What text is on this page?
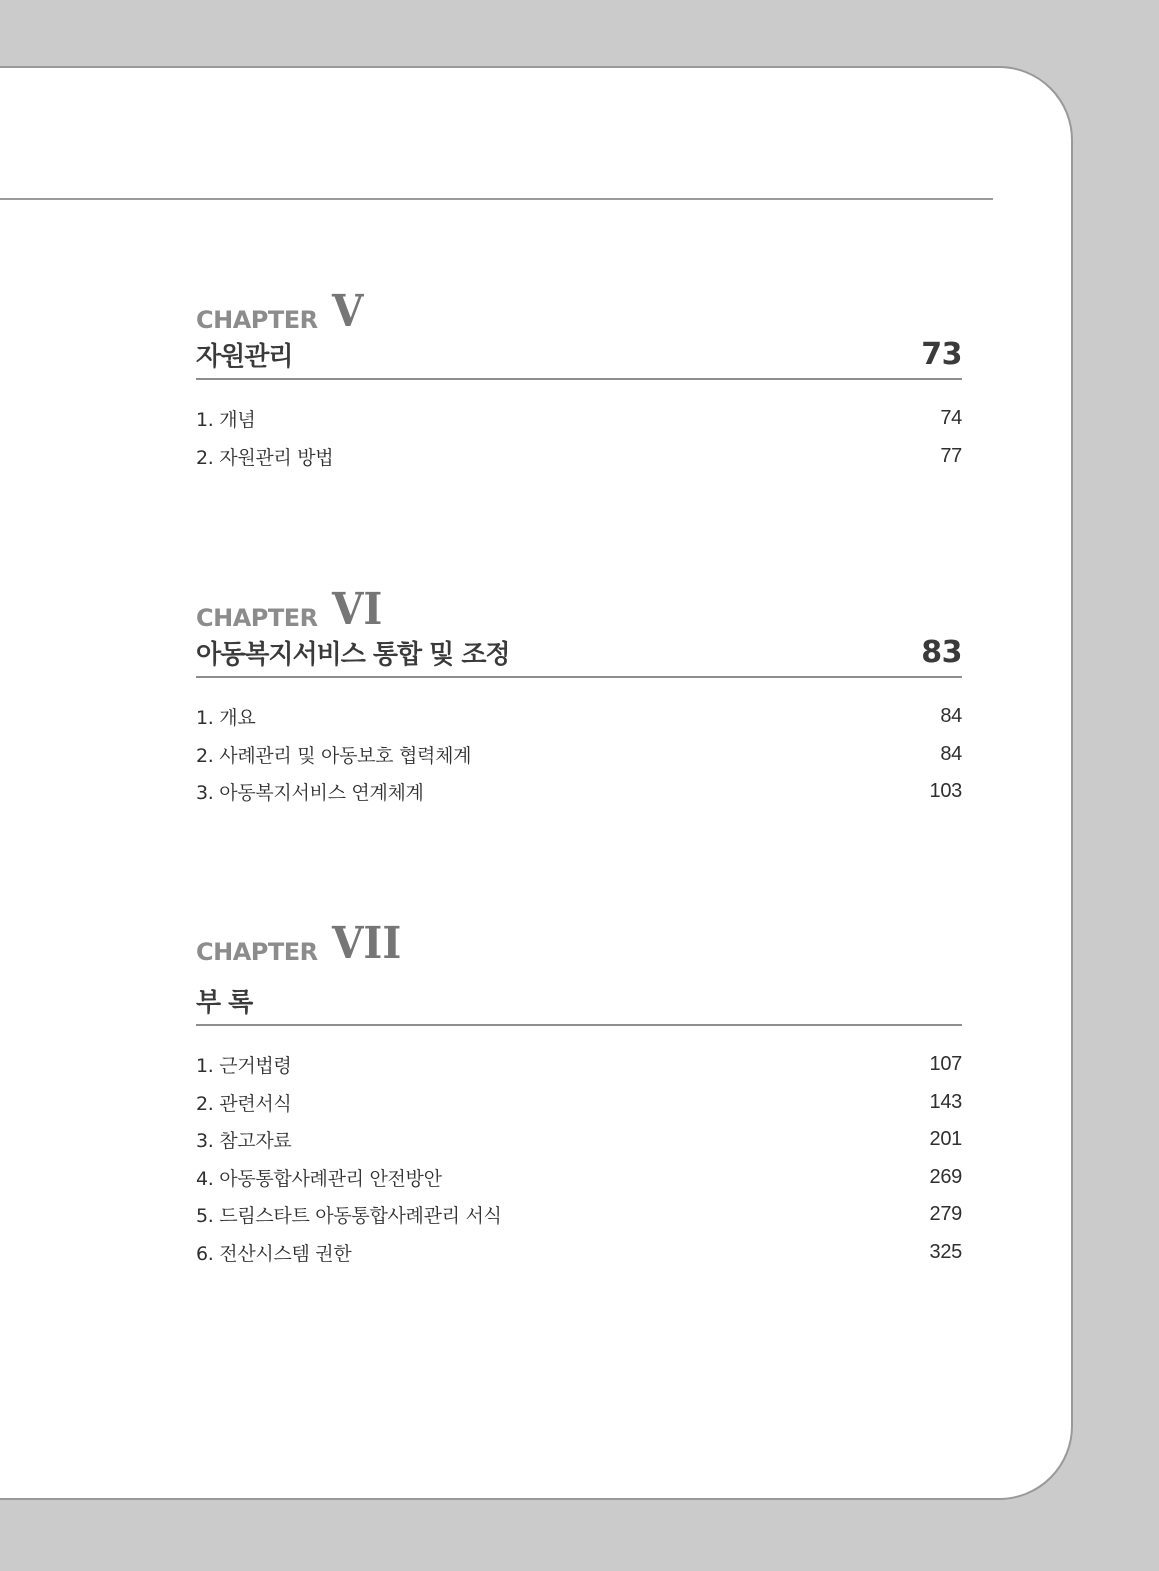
CHAPTER V
자원관리	73
1. 개념	74
2. 자원관리 방법	77
CHAPTER VI
아동복지서비스 통합 및 조정	83
1. 개요	84
2. 사례관리 및 아동보호 협력체계	84
3. 아동복지서비스 연계체계	103
CHAPTER VII
부 록
1. 근거법령	107
2. 관련서식	143
3. 참고자료	201
4. 아동통합사례관리 안전방안	269
5. 드림스타트 아동통합사례관리 서식	279
6. 전산시스템 권한	325
